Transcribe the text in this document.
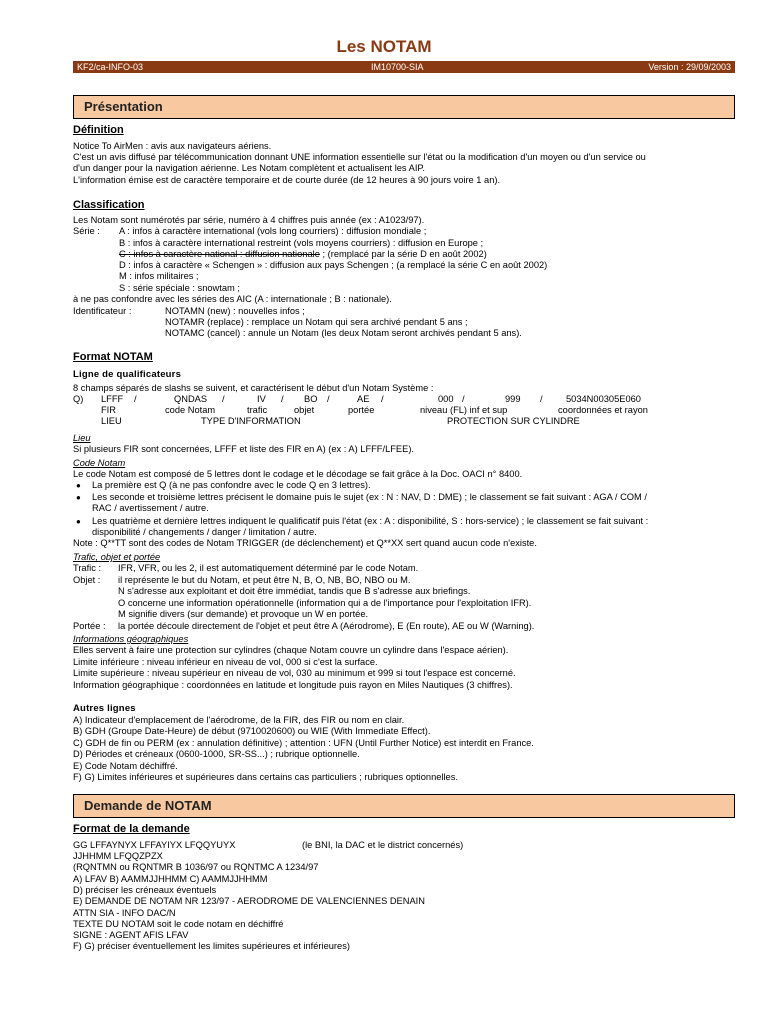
Les NOTAM
KF2/ca-INFO-03	IM10700-SIA	Version : 29/09/2003
Présentation
Définition
Notice To AirMen : avis aux navigateurs aériens.
C'est un avis diffusé par télécommunication donnant UNE information essentielle sur l'état ou la modification d'un moyen ou d'un service ou
d'un danger pour la navigation aérienne. Les Notam complètent et actualisent les AIP.
L'information émise est de caractère temporaire et de courte durée (de 12 heures à 90 jours voire 1 an).
Classification
Les Notam sont numérotés par série, numéro à 4 chiffres puis année (ex : A1023/97).
Série : A : infos à caractère international (vols long courriers) : diffusion mondiale ;
B : infos à caractère international restreint (vols moyens courriers) : diffusion en Europe ;
C : infos à caractère national : diffusion nationale ; (remplacé par la série D en août 2002)
D : infos à caractère « Schengen » : diffusion aux pays Schengen ; (a remplacé la série C en août 2002)
M : infos militaires ;
S : série spéciale : snowtam ;
à ne pas confondre avec les séries des AIC (A : internationale ; B : nationale).
Identificateur :	NOTAMN (new) : nouvelles infos ;
NOTAMR (replace) : remplace un Notam qui sera archivé pendant 5 ans ;
NOTAMC (cancel) : annule un Notam (les deux Notam seront archivés pendant 5 ans).
Format NOTAM
Ligne de qualificateurs
8 champs séparés de slashs se suivent, et caractérisent le début d'un Notam Système :
Q) LFFF /	QNDAS /	IV / BO /	AE /	000 /	999 /	5034N00305E060
FIR	code Notam	trafic	objet	portée	niveau (FL) inf et sup	coordonnées et rayon
LIEU	TYPE D'INFORMATION	PROTECTION SUR CYLINDRE
Lieu
Si plusieurs FIR sont concernées, LFFF et liste des FIR en A) (ex : A) LFFF/LFEE).
Code Notam
Le code Notam est composé de 5 lettres dont le codage et le décodage se fait grâce à la Doc. OACI n° 8400.
● La première est Q (à ne pas confondre avec le code Q en 3 lettres).
● Les seconde et troisième lettres précisent le domaine puis le sujet (ex : N : NAV, D : DME) ; le classement se fait suivant : AGA / COM /
RAC / avertissement / autre.
● Les quatrième et dernière lettres indiquent le qualificatif puis l'état (ex : A : disponibilité, S : hors-service) ; le classement se fait suivant :
disponibilité / changements / danger / limitation / autre.
Note : Q**TT sont des codes de Notam TRIGGER (de déclenchement) et Q**XX sert quand aucun code n'existe.
Trafic, objet et portée
Trafic : IFR, VFR, ou les 2, il est automatiquement déterminé par le code Notam.
Objet : il représente le but du Notam, et peut être N, B, O, NB, BO, NBO ou M.
N s'adresse aux exploitant et doit être immédiat, tandis que B s'adresse aux briefings.
O concerne une information opérationnelle (information qui a de l'importance pour l'exploitation IFR).
M signifie divers (sur demande) et provoque un W en portée.
Portée : la portée découle directement de l'objet et peut être A (Aérodrome), E (En route), AE ou W (Warning).
Informations géographiques
Elles servent à faire une protection sur cylindres (chaque Notam couvre un cylindre dans l'espace aérien).
Limite inférieure : niveau inférieur en niveau de vol, 000 si c'est la surface.
Limite supérieure : niveau supérieur en niveau de vol, 030 au minimum et 999 si tout l'espace est concerné.
Information géographique : coordonnées en latitude et longitude puis rayon en Miles Nautiques (3 chiffres).
Autres lignes
A) Indicateur d'emplacement de l'aérodrome, de la FIR, des FIR ou nom en clair.
B) GDH (Groupe Date-Heure) de début (9710020600) ou WIE (With Immediate Effect).
C) GDH de fin ou PERM (ex : annulation définitive) ; attention : UFN (Until Further Notice) est interdit en France.
D) Périodes et créneaux (0600-1000, SR-SS...) ; rubrique optionnelle.
E) Code Notam déchiffré.
F) G) Limites inférieures et supérieures dans certains cas particuliers ; rubriques optionnelles.
Demande de NOTAM
Format de la demande
GG LFFAYNYX LFFAYIYX LFQQYUYX	(le BNI, la DAC et le district concernés)
JJHHMM LFQQZPZX
(RQNTMN ou RQNTMR B 1036/97 ou RQNTMC A 1234/97
A) LFAV B) AAMMJJHHMM C) AAMMJJHHMM
D) préciser les créneaux éventuels
E) DEMANDE DE NOTAM NR 123/97 - AERODROME DE VALENCIENNES DENAIN
ATTN SIA - INFO DAC/N
TEXTE DU NOTAM soit le code notam en déchiffré
SIGNE : AGENT AFIS LFAV
F) G) préciser éventuellement les limites supérieures et inférieures)
